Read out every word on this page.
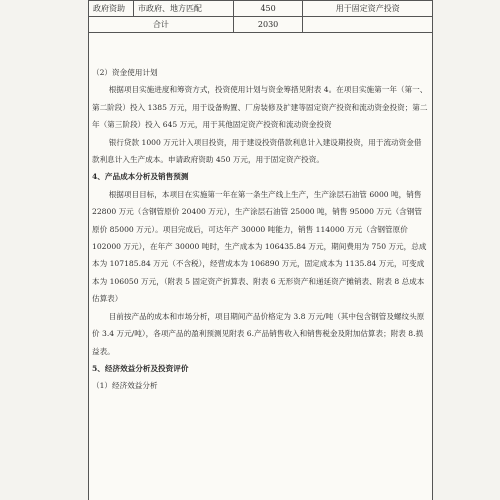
政府资助	市政府、地方匹配	450	用于固定资产投资
合计		2030	

（2）资金使用计划

根据项目实施进度和筹资方式，投资使用计划与资金筹措见附表 4。在项目实施第一年（第一、第二阶段）投入 1385 万元，用于设备购置、厂房装修及扩建等固定资产投资和流动资金投资；第二年（第三阶段）投入 645 万元，用于其他固定资产投资和流动资金投资

银行贷款 1000 万元计入项目投资，用于建设投资借款利息计入建设期投资，用于流动资金借款利息计入生产成本。申请政府资助 450 万元，用于固定资产投资。

4、产品成本分析及销售预测

根据项目目标，本项目在实施第一年在第一条生产线上生产，生产涂层石油管 6000 吨，销售 22800 万元（含钢管原价 20400 万元），生产涂层石油管 25000 吨，销售 95000 万元（含钢管原价 85000 万元）。项目完成后，可达年产 30000 吨能力，销售 114000 万元（含钢管原价 102000 万元），在年产 30000 吨时，生产成本为 106435.84 万元，期间费用为 750 万元，总成本为 107185.84 万元（不含税），经营成本为 106890 万元，固定成本为 1135.84 万元，可变成本为 106050 万元，（附表 5 固定资产折算表、附表 6 无形资产和递延资产摊销表、附表 8 总成本估算表）

目前按产品的成本和市场分析，项目期间产品价格定为 3.8 万元/吨（其中包含钢管及螺纹头原价 3.4 万元/吨），各项产品的盈利预测见附表 6.产品销售收入和销售税金及附加估算表；附表 8.损益表。

5、经济效益分析及投资评价

（1）经济效益分析
